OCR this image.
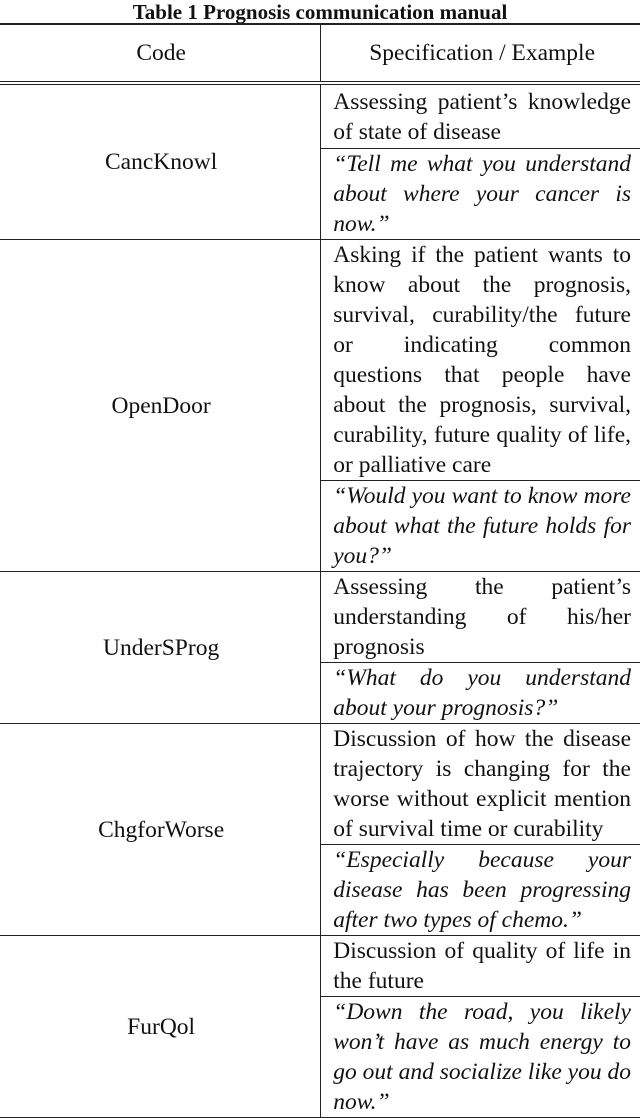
Table 1 Prognosis communication manual
Code	Specification / Example
CancKnowl	Assessing patient’s knowledge of state of disease
	“Tell me what you understand about where your cancer is now.”
OpenDoor	Asking if the patient wants to know about the prognosis, survival, curability/the future or indicating common questions that people have about the prognosis, survival, curability, future quality of life, or palliative care
	“Would you want to know more about what the future holds for you?”
UnderSProg	Assessing the patient’s understanding of his/her prognosis
	“What do you understand about your prognosis?”
ChgforWorse	Discussion of how the disease trajectory is changing for the worse without explicit mention of survival time or curability
	“Especially because your disease has been progressing after two types of chemo.”
FurQol	Discussion of quality of life in the future
	“Down the road, you likely won’t have as much energy to go out and socialize like you do now.”
